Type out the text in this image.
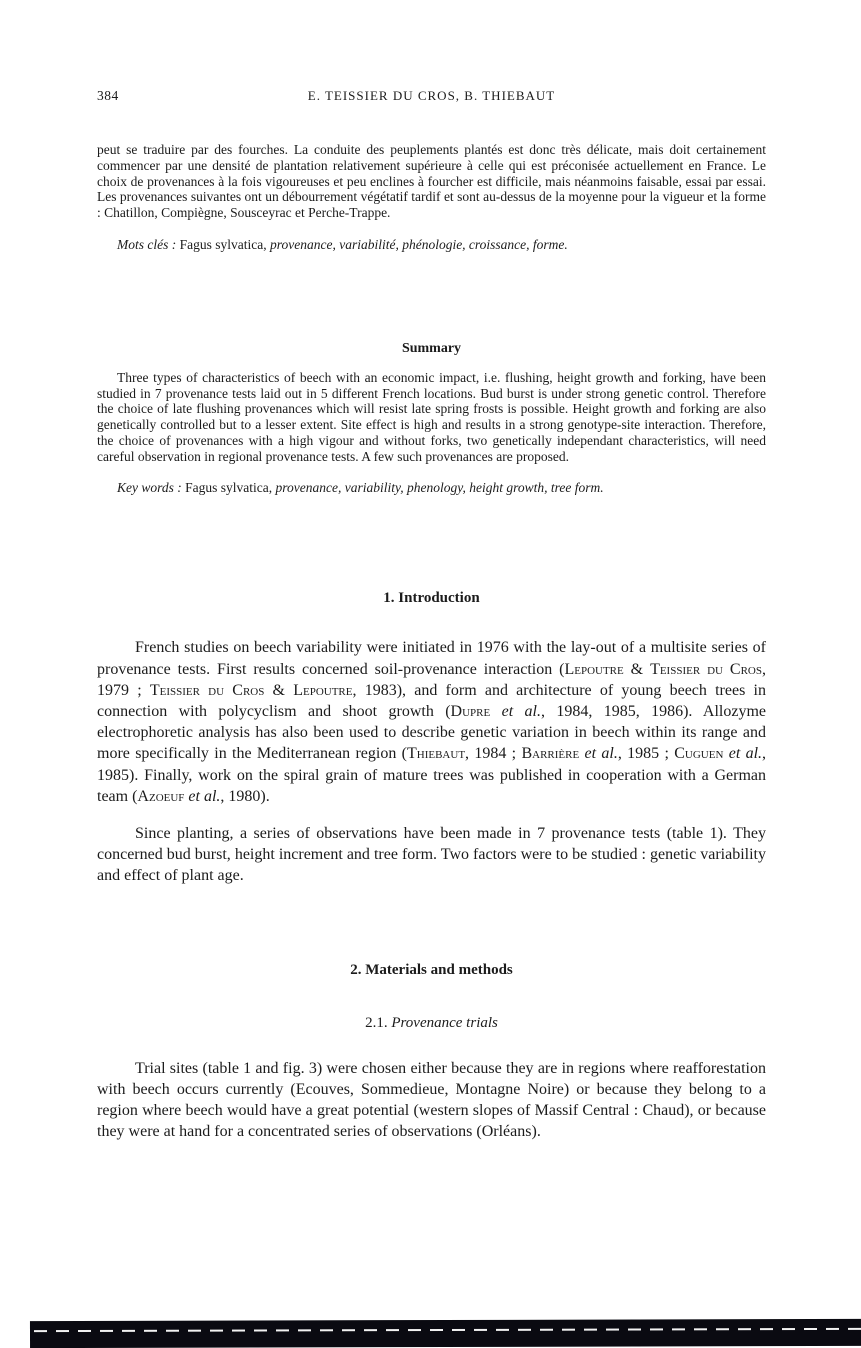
384	E. TEISSIER DU CROS, B. THIEBAUT

peut se traduire par des fourches. La conduite des peuplements plantés est donc très délicate, mais doit certainement commencer par une densité de plantation relativement supérieure à celle qui est préconisée actuellement en France. Le choix de provenances à la fois vigoureuses et peu enclines à fourcher est difficile, mais néanmoins faisable, essai par essai. Les provenances suivantes ont un débourrement végétatif tardif et sont au-dessus de la moyenne pour la vigueur et la forme : Chatillon, Compiègne, Sousceyrac et Perche-Trappe.

Mots clés : Fagus sylvatica, provenance, variabilité, phénologie, croissance, forme.

Summary

Three types of characteristics of beech with an economic impact, i.e. flushing, height growth and forking, have been studied in 7 provenance tests laid out in 5 different French locations. Bud burst is under strong genetic control. Therefore the choice of late flushing provenances which will resist late spring frosts is possible. Height growth and forking are also genetically controlled but to a lesser extent. Site effect is high and results in a strong genotype-site interaction. Therefore, the choice of provenances with a high vigour and without forks, two genetically independant characteristics, will need careful observation in regional provenance tests. A few such provenances are proposed.

Key words : Fagus sylvatica, provenance, variability, phenology, height growth, tree form.

1. Introduction

French studies on beech variability were initiated in 1976 with the lay-out of a multisite series of provenance tests. First results concerned soil-provenance interaction (Lepoutre & Teissier du Cros, 1979 ; Teissier du Cros & Lepoutre, 1983), and form and architecture of young beech trees in connection with polycyclism and shoot growth (Dupre et al., 1984, 1985, 1986). Allozyme electrophoretic analysis has also been used to describe genetic variation in beech within its range and more specifically in the Mediterranean region (Thiebaut, 1984 ; Barrière et al., 1985 ; Cuguen et al., 1985). Finally, work on the spiral grain of mature trees was published in cooperation with a German team (Azoeuf et al., 1980).

Since planting, a series of observations have been made in 7 provenance tests (table 1). They concerned bud burst, height increment and tree form. Two factors were to be studied : genetic variability and effect of plant age.

2. Materials and methods
2.1. Provenance trials

Trial sites (table 1 and fig. 3) were chosen either because they are in regions where reafforestation with beech occurs currently (Ecouves, Sommedieue, Montagne Noire) or because they belong to a region where beech would have a great potential (western slopes of Massif Central : Chaud), or because they were at hand for a concentrated series of observations (Orléans).
